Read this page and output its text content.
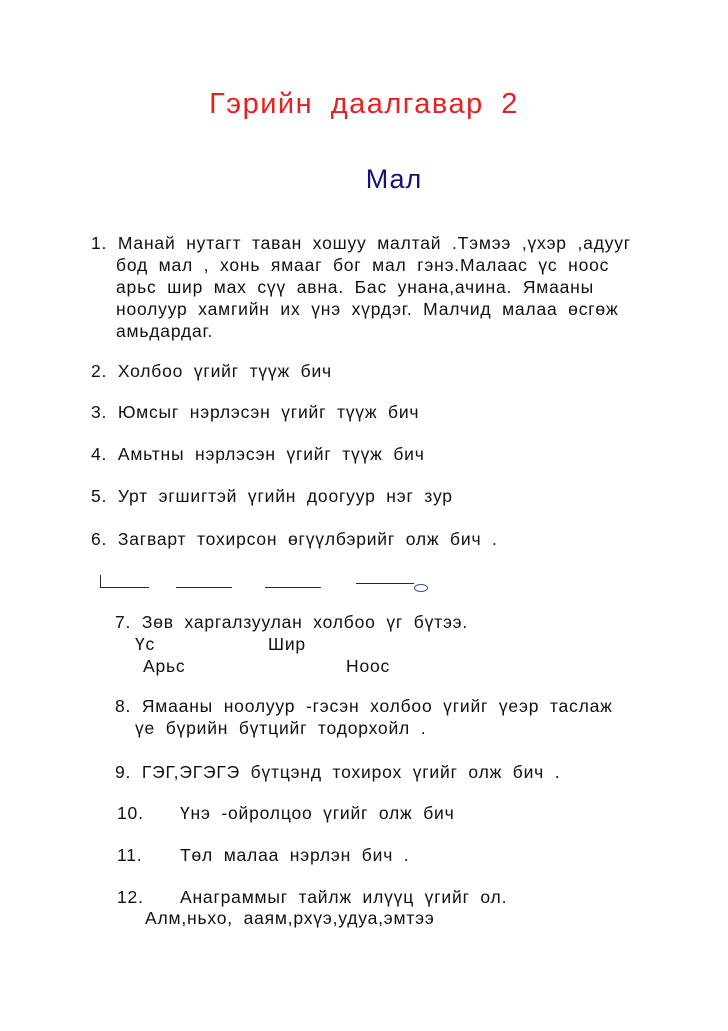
Гэрийн даалгавар 2
Мал
1. Манай нутагт таван хошуу малтай .Тэмээ ,үхэр ,адууг
бод мал , хонь ямааг бог мал гэнэ.Малаас үс ноос
арьс шир мах сүү авна. Бас унана,ачина. Ямааны
ноолуур хамгийн их үнэ хүрдэг. Малчид малаа өсгөж
амьдардаг.
2. Холбоо үгийг түүж бич
3. Юмсыг нэрлэсэн үгийг түүж бич
4. Амьтны нэрлэсэн үгийг түүж бич
5. Урт эгшигтэй үгийн доогуур нэг зур
6. Загварт тохирсон өгүүлбэрийг олж бич .
7. Зөв харгалзуулан холбоо үг бүтээ.
Үс	Шир
Арьс	Ноос
8. Ямааны ноолуур -гэсэн холбоо үгийг үеэр таслаж
үе бүрийн бүтцийг тодорхойл .
9. ГЭГ,ЭГЭГЭ бүтцэнд тохирох үгийг олж бич .
10. Үнэ -ойролцоо үгийг олж бич
11. Төл малаа нэрлэн бич .
12. Анаграммыг тайлж илүүц үгийг ол.
Алм,ньхо, ааям,рхүэ,удуа,эмтээ
